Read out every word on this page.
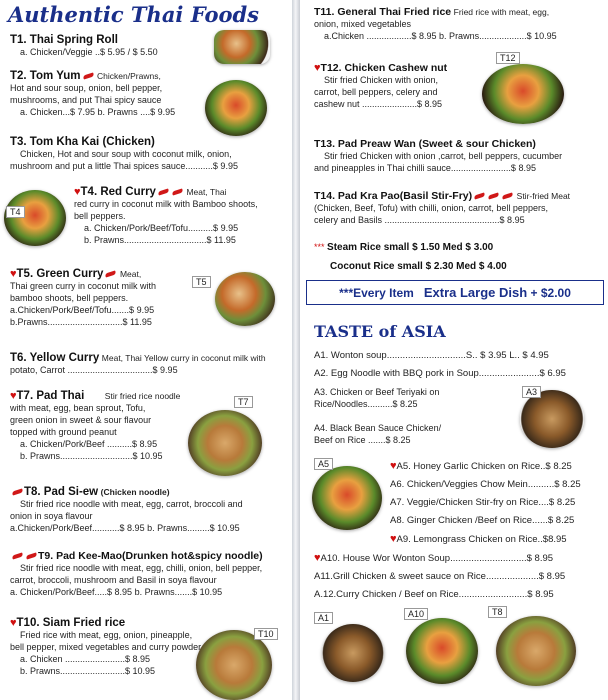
Authentic Thai Foods
T1. Thai Spring Roll
a. Chicken/Veggie ..$ 5.95 / $ 5.50
T2. Tom Yum Chicken/Prawns,
Hot and sour soup, onion, bell pepper,
mushrooms, and put Thai spicy sauce
a. Chicken...$ 7.95 b. Prawns ....$ 9.95
T3. Tom Kha Kai (Chicken)
Chicken, Hot and sour soup with coconut milk, onion,
mushroom and put a little Thai spices sauce...........$ 9.95
T4
♥T4. Red Curry	Meat, Thai
red curry in coconut milk with Bamboo shoots,
bell peppers.
a. Chicken/Pork/Beef/Tofu..........$ 9.95
b. Prawns.................................$ 11.95
T5
♥T5. Green Curry Meat,
Thai green curry in coconut milk with
bamboo shoots, bell peppers.
a.Chicken/Pork/Beef/Tofu.......$ 9.95
b.Prawns..............................$ 11.95
T6. Yellow Curry Meat, Thai Yellow curry in coconut milk with
potato, Carrot ..................................$ 9.95
T7
♥T7. Pad Thai Stir fried rice noodle
with meat, egg, bean sprout, Tofu,
green onion in sweet & sour flavour
topped with ground peanut
a. Chicken/Pork/Beef ..........$ 8.95
b. Prawns.............................$ 10.95
T8. Pad Si-ew (Chicken noodle)
Stir fried rice noodle with meat, egg, carrot, broccoli and
onion in soya flavour
a.Chicken/Pork/Beef...........$ 8.95 b. Prawns.........$ 10.95
T9. Pad Kee-Mao(Drunken hot&spicy noodle)
Stir fried rice noodle with meat, egg, chilli, onion, bell pepper,
carrot, broccoli, mushroom and Basil in soya flavour
a. Chicken/Pork/Beef.....$ 8.95 b. Prawns.......$ 10.95
T10
♥T10. Siam Fried rice
Fried rice with meat, egg, onion, pineapple,
bell pepper, mixed vegetables and curry powder
a. Chicken ........................$ 8.95
b. Prawns..........................$ 10.95
T11. General Thai Fried rice Fried rice with meat, egg,
onion, mixed vegetables
a.Chicken ..................$ 8.95 b. Prawns...................$ 10.95
T12
♥T12. Chicken Cashew nut
Stir fried Chicken with onion,
carrot, bell peppers, celery and
cashew nut ......................$ 8.95
T13. Pad Preaw Wan (Sweet & sour Chicken)
Stir fried Chicken with onion ,carrot, bell peppers, cucumber
and pineapples in Thai chilli sauce........................$ 8.95
T14. Pad Kra Pao(Basil Stir-Fry)	Stir-fried Meat
(Chicken, Beef, Tofu) with chilli, onion, carrot, bell peppers,
celery and Basils ..............................................$ 8.95
*** Steam Rice small $ 1.50 Med $ 3.00
Coconut Rice small $ 2.30 Med $ 4.00
TASTE of ASIA
A1. Wonton soup..............................S.. $ 3.95 L.. $ 4.95
A2. Egg Noodle with BBQ pork in Soup.......................$ 6.95
A3
A3. Chicken or Beef Teriyaki on
Rice/Noodles..........$ 8.25
A4. Black Bean Sauce Chicken/
Beef on Rice .......$ 8.25
A5	♥A5. Honey Garlic Chicken on Rice..$ 8.25
A6. Chicken/Veggies Chow Mein..........$ 8.25
A7. Veggie/Chicken Stir-fry on Rice....$ 8.25
A8. Ginger Chicken /Beef on Rice......$ 8.25
♥A9. Lemongrass Chicken on Rice..$8.95
♥A10. House Wor Wonton Soup.............................$ 8.95
A11.Grill Chicken & sweet sauce on Rice....................$ 8.95
A.12.Curry Chicken / Beef on Rice..........................$ 8.95
A1	A10	T8
***Every Item Extra Large Dish + $2.00
